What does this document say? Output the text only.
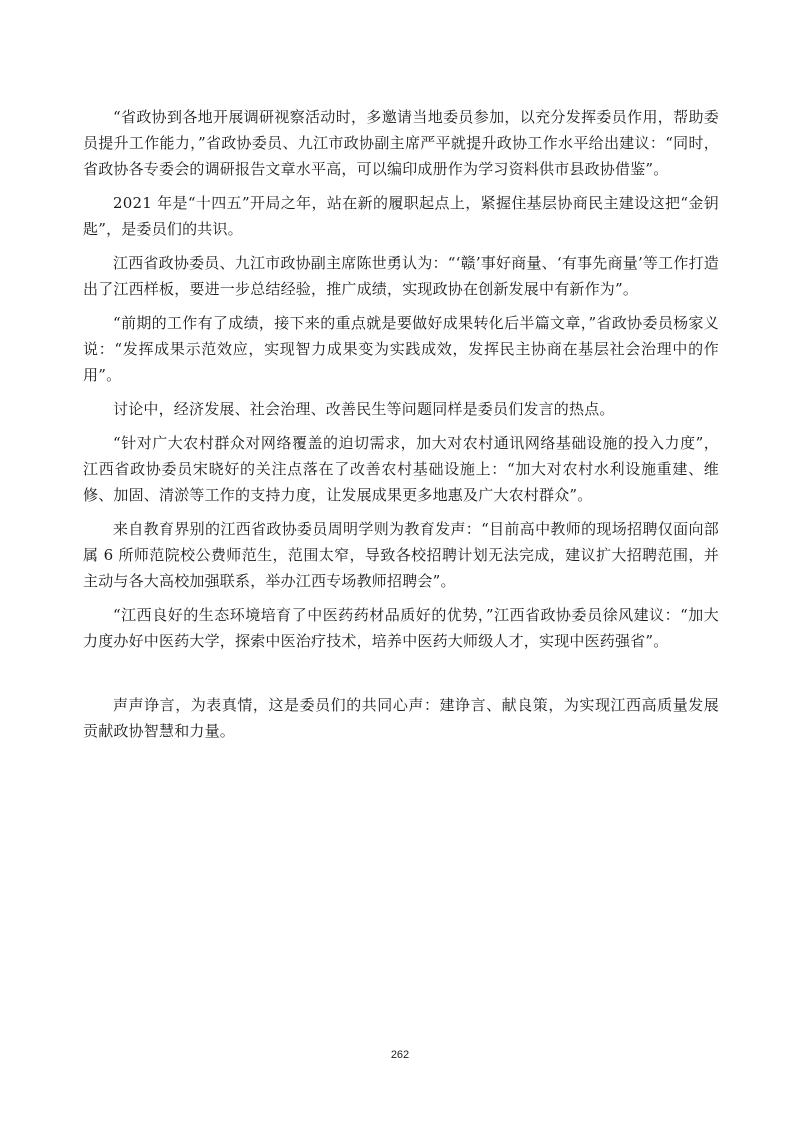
“省政协到各地开展调研视察活动时，多邀请当地委员参加，以充分发挥委员作用，帮助委员提升工作能力，”省政协委员、九江市政协副主席严平就提升政协工作水平给出建议：“同时，省政协各专委会的调研报告文章水平高，可以编印成册作为学习资料供市县政协借鉴”。

2021 年是“十四五”开局之年，站在新的履职起点上，紧握住基层协商民主建设这把“金钥匙”，是委员们的共识。

江西省政协委员、九江市政协副主席陈世勇认为：“‘赣’事好商量、‘有事先商量’等工作打造出了江西样板，要进一步总结经验，推广成绩，实现政协在创新发展中有新作为”。

“前期的工作有了成绩，接下来的重点就是要做好成果转化后半篇文章，”省政协委员杨家义说：“发挥成果示范效应，实现智力成果变为实践成效，发挥民主协商在基层社会治理中的作用”。

讨论中，经济发展、社会治理、改善民生等问题同样是委员们发言的热点。

“针对广大农村群众对网络覆盖的迫切需求，加大对农村通讯网络基础设施的投入力度”，江西省政协委员宋晓好的关注点落在了改善农村基础设施上：“加大对农村水利设施重建、维修、加固、清淤等工作的支持力度，让发展成果更多地惠及广大农村群众”。

来自教育界别的江西省政协委员周明学则为教育发声：“目前高中教师的现场招聘仅面向部属 6 所师范院校公费师范生，范围太窄，导致各校招聘计划无法完成，建议扩大招聘范围，并主动与各大高校加强联系，举办江西专场教师招聘会”。

“江西良好的生态环境培育了中医药药材品质好的优势，”江西省政协委员徐风建议：“加大力度办好中医药大学，探索中医治疗技术，培养中医药大师级人才，实现中医药强省”。

声声诤言，为表真情，这是委员们的共同心声：建诤言、献良策，为实现江西高质量发展贡献政协智慧和力量。

262
